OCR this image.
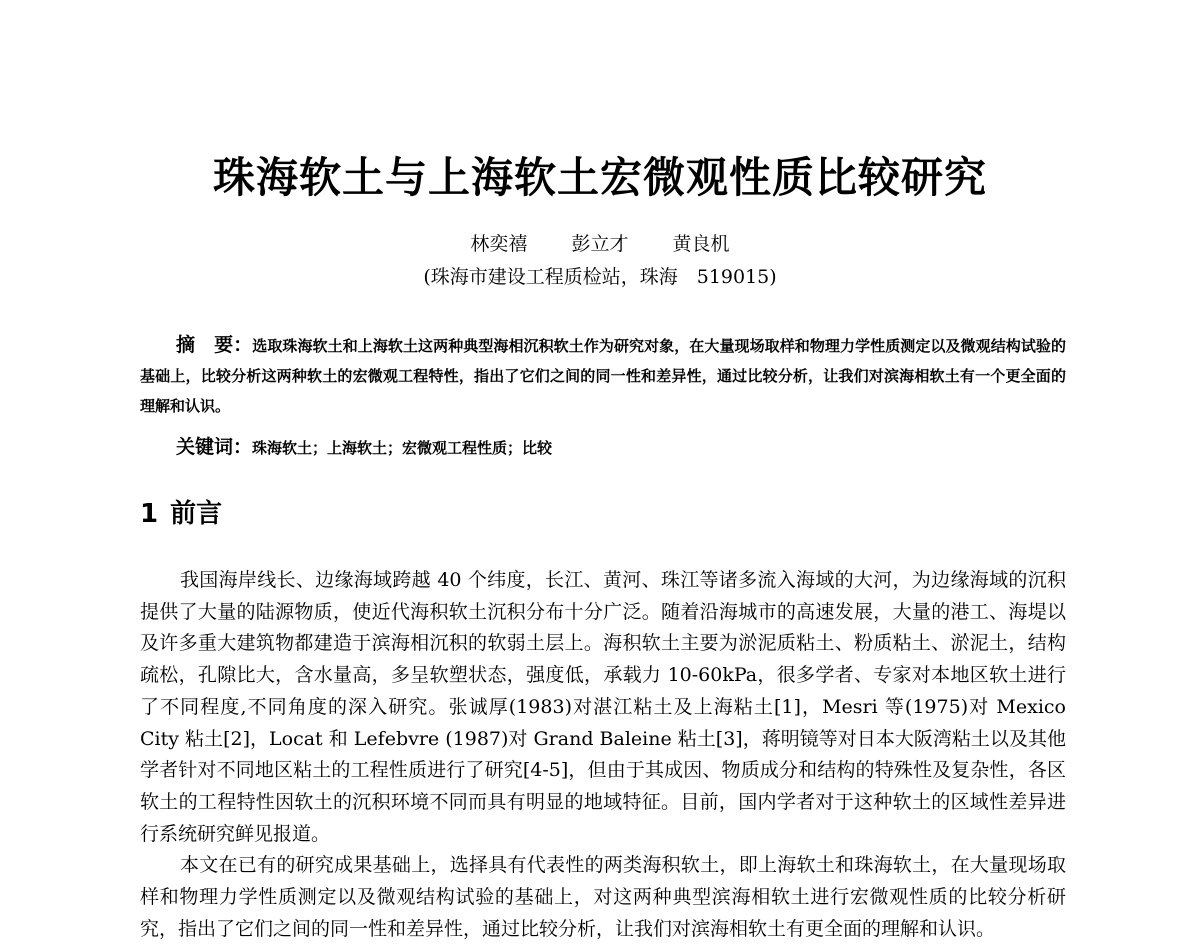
珠海软土与上海软土宏微观性质比较研究
林奕禧 彭立才 黄良机
(珠海市建设工程质检站，珠海　519015)

摘　要：选取珠海软土和上海软土这两种典型海相沉积软土作为研究对象，在大量现场取样和物理力学性质测定以及微观结构试验的基础上，比较分析这两种软土的宏微观工程特性，指出了它们之间的同一性和差异性，通过比较分析，让我们对滨海相软土有一个更全面的理解和认识。

关键词：珠海软土；上海软土；宏微观工程性质；比较
1 前言

我国海岸线长、边缘海域跨越 40 个纬度，长江、黄河、珠江等诸多流入海域的大河，为边缘海域的沉积提供了大量的陆源物质，使近代海积软土沉积分布十分广泛。随着沿海城市的高速发展，大量的港工、海堤以及许多重大建筑物都建造于滨海相沉积的软弱土层上。海积软土主要为淤泥质粘土、粉质粘土、淤泥土，结构疏松，孔隙比大，含水量高，多呈软塑状态，强度低，承载力 10-60kPa，很多学者、专家对本地区软土进行了不同程度,不同角度的深入研究。张诚厚(1983)对湛江粘土及上海粘土[1]，Mesri 等(1975)对 Mexico City 粘土[2]，Locat 和 Lefebvre (1987)对 Grand Baleine 粘土[3]，蒋明镜等对日本大阪湾粘土以及其他学者针对不同地区粘土的工程性质进行了研究[4-5]，但由于其成因、物质成分和结构的特殊性及复杂性，各区软土的工程特性因软土的沉积环境不同而具有明显的地域特征。目前，国内学者对于这种软土的区域性差异进行系统研究鲜见报道。

本文在已有的研究成果基础上，选择具有代表性的两类海积软土，即上海软土和珠海软土，在大量现场取样和物理力学性质测定以及微观结构试验的基础上，对这两种典型滨海相软土进行宏微观性质的比较分析研究，指出了它们之间的同一性和差异性，通过比较分析，让我们对滨海相软土有更全面的理解和认识。
